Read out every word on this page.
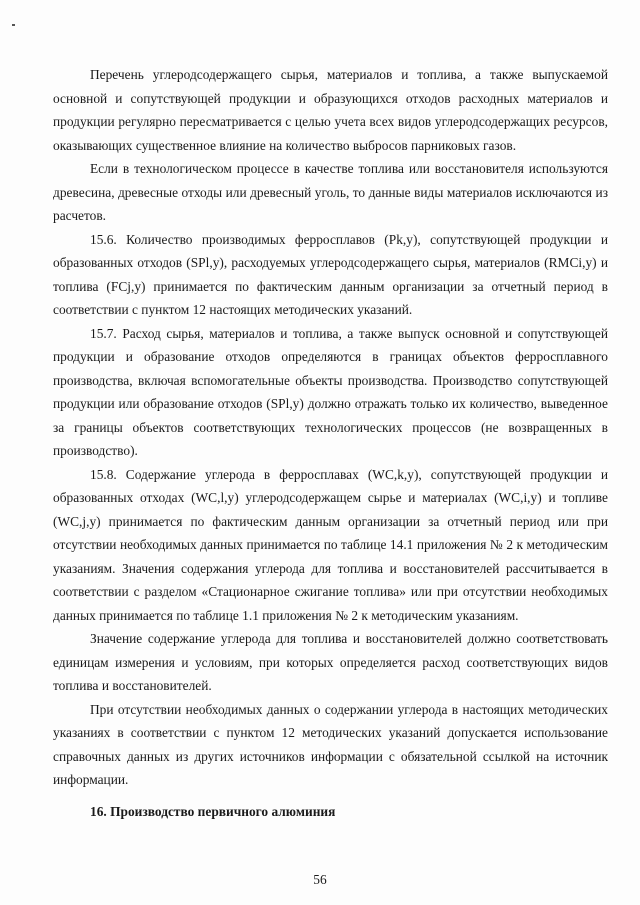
Перечень углеродсодержащего сырья, материалов и топлива, а также выпускаемой основной и сопутствующей продукции и образующихся отходов расходных материалов и продукции регулярно пересматривается с целью учета всех видов углеродсодержащих ресурсов, оказывающих существенное влияние на количество выбросов парниковых газов.

Если в технологическом процессе в качестве топлива или восстановителя используются древесина, древесные отходы или древесный уголь, то данные виды материалов исключаются из расчетов.

15.6. Количество производимых ферросплавов (Pk,y), сопутствующей продукции и образованных отходов (SPl,y), расходуемых углеродсодержащего сырья, материалов (RMCi,y) и топлива (FCj,y) принимается по фактическим данным организации за отчетный период в соответствии с пунктом 12 настоящих методических указаний.

15.7. Расход сырья, материалов и топлива, а также выпуск основной и сопутствующей продукции и образование отходов определяются в границах объектов ферросплавного производства, включая вспомогательные объекты производства. Производство сопутствующей продукции или образование отходов (SPl,y) должно отражать только их количество, выведенное за границы объектов соответствующих технологических процессов (не возвращенных в производство).

15.8. Содержание углерода в ферросплавах (WC,k,y), сопутствующей продукции и образованных отходах (WC,l,y) углеродсодержащем сырье и материалах (WC,i,y) и топливе (WC,j,y) принимается по фактическим данным организации за отчетный период или при отсутствии необходимых данных принимается по таблице 14.1 приложения № 2 к методическим указаниям. Значения содержания углерода для топлива и восстановителей рассчитывается в соответствии с разделом «Стационарное сжигание топлива» или при отсутствии необходимых данных принимается по таблице 1.1 приложения № 2 к методическим указаниям.

Значение содержание углерода для топлива и восстановителей должно соответствовать единицам измерения и условиям, при которых определяется расход соответствующих видов топлива и восстановителей.

При отсутствии необходимых данных о содержании углерода в настоящих методических указаниях в соответствии с пунктом 12 методических указаний допускается использование справочных данных из других источников информации с обязательной ссылкой на источник информации.

16. Производство первичного алюминия

56
